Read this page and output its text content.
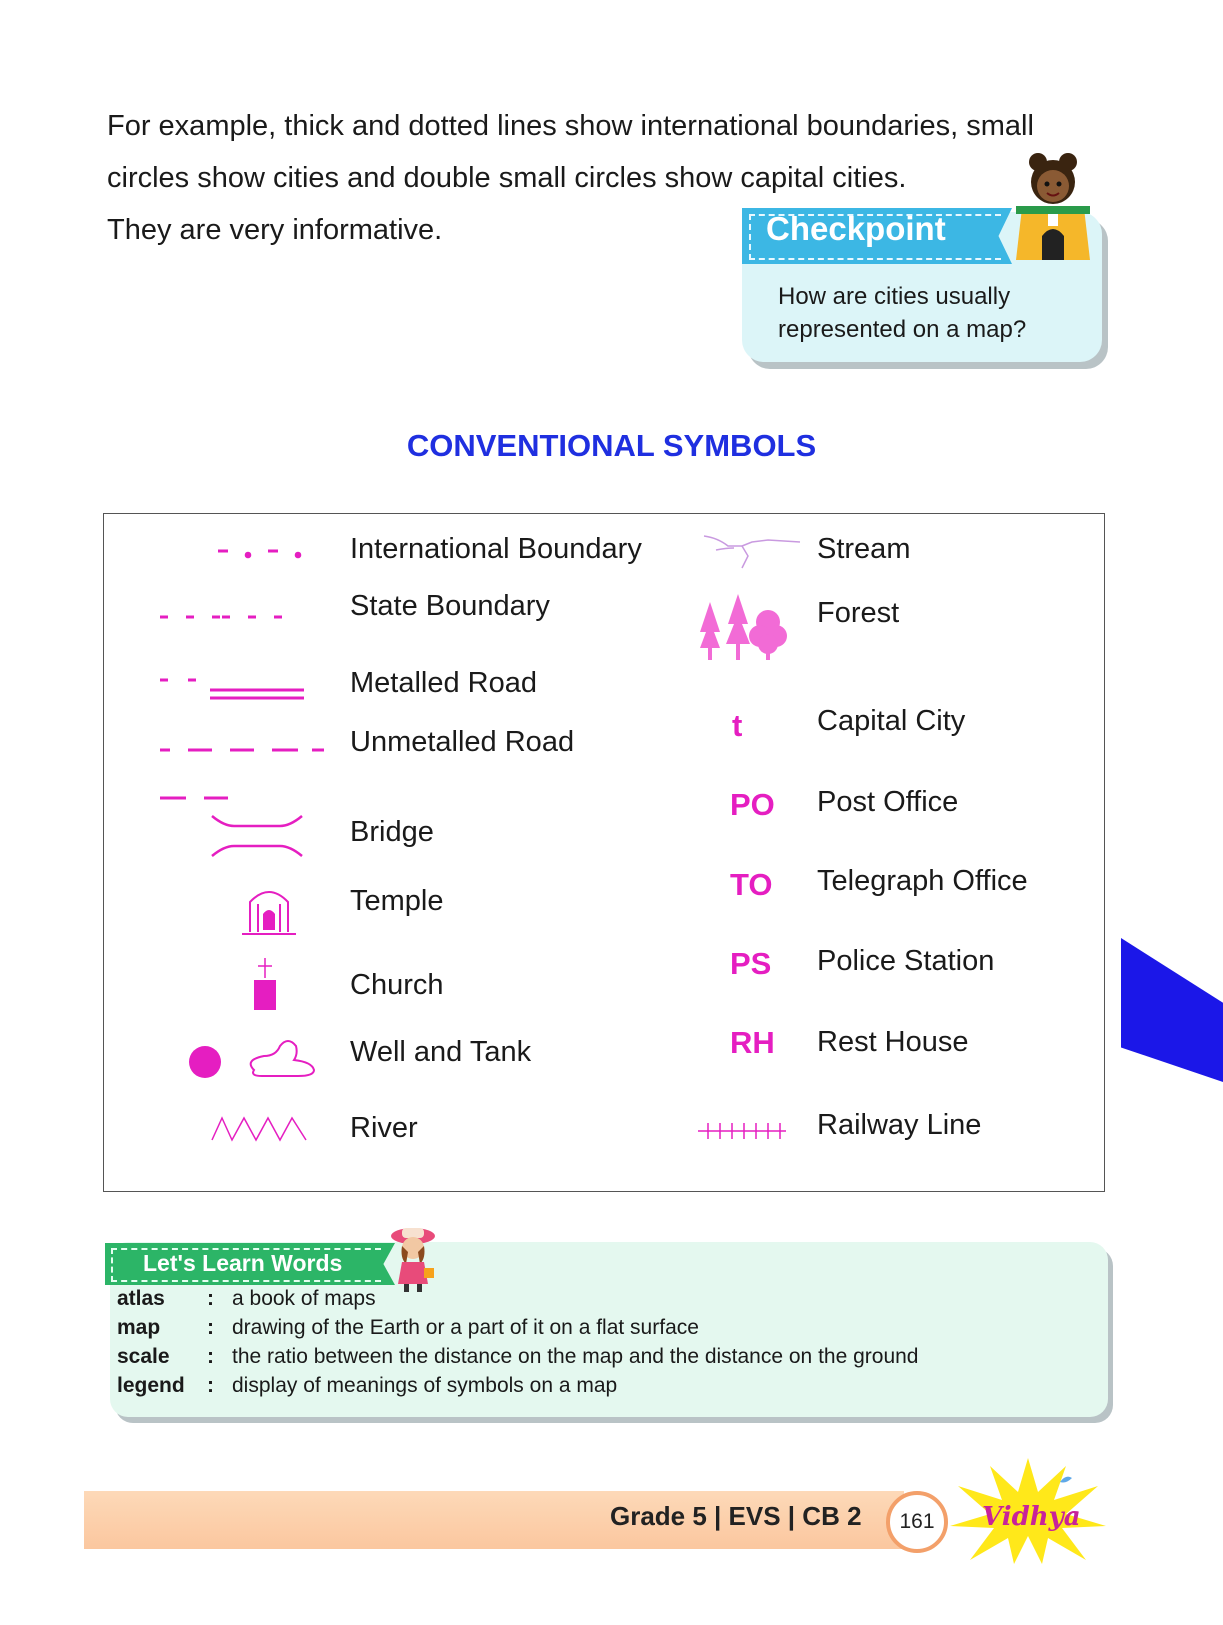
For example, thick and dotted lines show international boundaries, small

circles show cities and double small circles show capital cities.

They are very informative.	Checkpoint
How are cities usually represented on a map?
CONVENTIONAL SYMBOLS
International Boundary
State Boundary
Metalled Road
Unmetalled Road
Bridge
Temple
Church
Well and Tank
River
Stream
Forest
t	Capital City
PO Post Office
TO Telegraph Office
PS Police Station
RH Rest House
Railway Line
Let's Learn Words
atlas : a book of maps
map : drawing of the Earth or a part of it on a flat surface
scale : the ratio between the distance on the map and the distance on the ground
legend : display of meanings of symbols on a map
Grade 5 | EVS | CB 2	161	Vidhya
